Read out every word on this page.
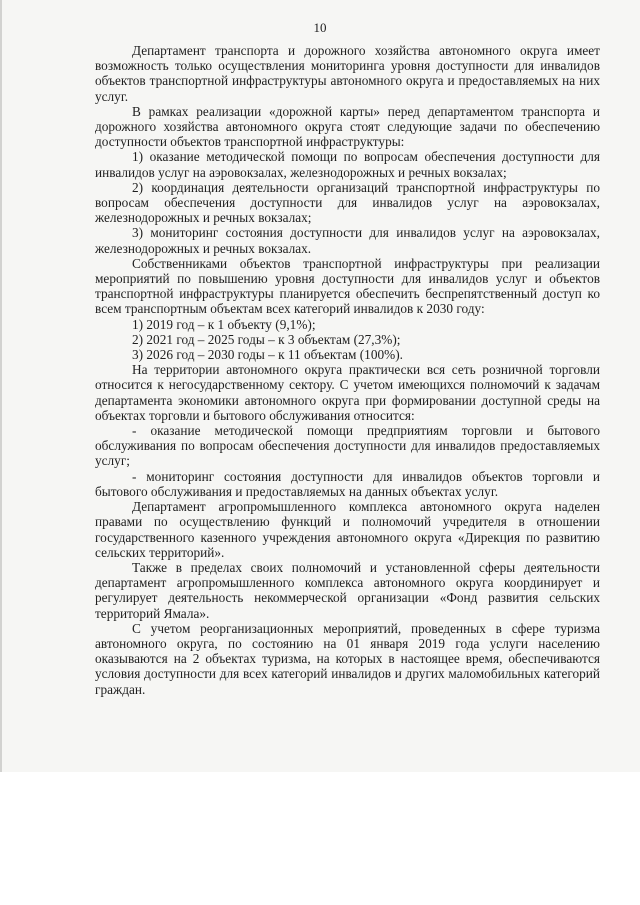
10

Департамент транспорта и дорожного хозяйства автономного округа имеет возможность только осуществления мониторинга уровня доступности для инвалидов объектов транспортной инфраструктуры автономного округа и предоставляемых на них услуг.

В рамках реализации «дорожной карты» перед департаментом транспорта и дорожного хозяйства автономного округа стоят следующие задачи по обеспечению доступности объектов транспортной инфраструктуры:

1) оказание методической помощи по вопросам обеспечения доступности для инвалидов услуг на аэровокзалах, железнодорожных и речных вокзалах;

2) координация деятельности организаций транспортной инфраструктуры по вопросам обеспечения доступности для инвалидов услуг на аэровокзалах, железнодорожных и речных вокзалах;

3) мониторинг состояния доступности для инвалидов услуг на аэровокзалах, железнодорожных и речных вокзалах.

Собственниками объектов транспортной инфраструктуры при реализации мероприятий по повышению уровня доступности для инвалидов услуг и объектов транспортной инфраструктуры планируется обеспечить беспрепятственный доступ ко всем транспортным объектам всех категорий инвалидов к 2030 году:

1) 2019 год – к 1 объекту (9,1%);

2) 2021 год – 2025 годы – к 3 объектам (27,3%);

3) 2026 год – 2030 годы – к 11 объектам (100%).

На территории автономного округа практически вся сеть розничной торговли относится к негосударственному сектору. С учетом имеющихся полномочий к задачам департамента экономики автономного округа при формировании доступной среды на объектах торговли и бытового обслуживания относится:

- оказание методической помощи предприятиям торговли и бытового обслуживания по вопросам обеспечения доступности для инвалидов предоставляемых услуг;

- мониторинг состояния доступности для инвалидов объектов торговли и бытового обслуживания и предоставляемых на данных объектах услуг.

Департамент агропромышленного комплекса автономного округа наделен правами по осуществлению функций и полномочий учредителя в отношении государственного казенного учреждения автономного округа «Дирекция по развитию сельских территорий».

Также в пределах своих полномочий и установленной сферы деятельности департамент агропромышленного комплекса автономного округа координирует и регулирует деятельность некоммерческой организации «Фонд развития сельских территорий Ямала».

С учетом реорганизационных мероприятий, проведенных в сфере туризма автономного округа, по состоянию на 01 января 2019 года услуги населению оказываются на 2 объектах туризма, на которых в настоящее время, обеспечиваются условия доступности для всех категорий инвалидов и других маломобильных категорий граждан.
